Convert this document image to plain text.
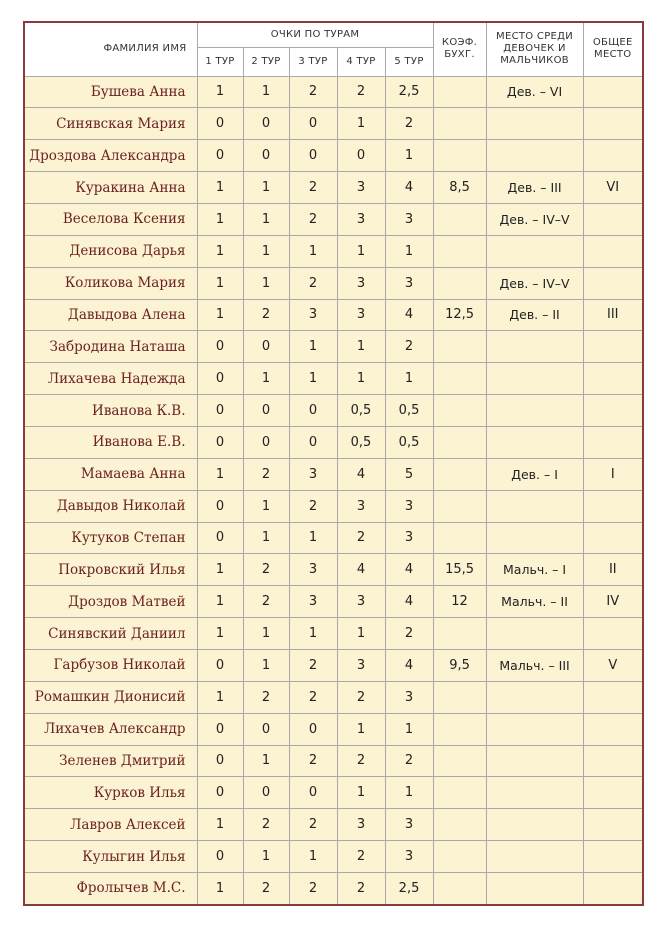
ФАМИЛИЯ ИМЯ	ОЧКИ ПО ТУРАМ					КОЭФ. БУХГ.	МЕСТО СРЕДИ ДЕВОЧЕК И МАЛЬЧИКОВ	ОБЩЕЕ МЕСТО

	1 ТУР	2 ТУР	3 ТУР	4 ТУР	5 ТУР			
Бушева Анна	1	1	2	2	2,5		Дев. – VI	
Синявская Мария	0	0	0	1	2			
Дроздова Александра	0	0	0	0	1			
Куракина Анна	1	1	2	3	4	8,5	Дев. – III	VI
Веселова Ксения	1	1	2	3	3		Дев. – IV–V	
Денисова Дарья	1	1	1	1	1			
Коликова Мария	1	1	2	3	3		Дев. – IV–V	
Давыдова Алена	1	2	3	3	4	12,5	Дев. – II	III
Забродина Наташа	0	0	1	1	2			
Лихачева Надежда	0	1	1	1	1			
Иванова К.В.	0	0	0	0,5	0,5			
Иванова Е.В.	0	0	0	0,5	0,5			
Мамаева Анна	1	2	3	4	5		Дев. – I	I
Давыдов Николай	0	1	2	3	3			
Кутуков Степан	0	1	1	2	3			
Покровский Илья	1	2	3	4	4	15,5	Мальч. – I	II
Дроздов Матвей	1	2	3	3	4	12	Мальч. – II	IV
Синявский Даниил	1	1	1	1	2			
Гарбузов Николай	0	1	2	3	4	9,5	Мальч. – III	V
Ромашкин Дионисий	1	2	2	2	3			
Лихачев Александр	0	0	0	1	1			
Зеленев Дмитрий	0	1	2	2	2			
Курков Илья	0	0	0	1	1			
Лавров Алексей	1	2	2	3	3			
Кулыгин Илья	0	1	1	2	3			
Фролычев М.С.	1	2	2	2	2,5			
